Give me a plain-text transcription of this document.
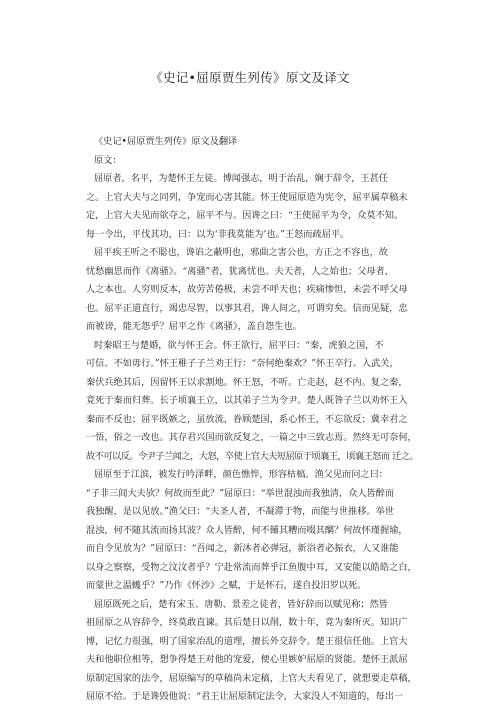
《史记•屈原贾生列传》原文及译文
《史记•屈原贾生列传》原文及翻译
原文：
屈原者，名平，为楚怀王左徒。博闻强志，明于治乱，娴于辞令，王甚任
之。上官大夫与之同列，争宠而心害其能。怀王使屈原造为宪令，屈平属草稿未
定，上官大夫见而欲夺之，屈平不与。因谗之曰：“王使屈平为令，众莫不知。
每一令出，平伐其功，曰：以为‘非我莫能为’也。”王怒而疏屈平。
屈平疾王听之不聪也，谗谄之蔽明也，邪曲之害公也，方正之不容也，故
忧愁幽思而作《离骚》。“离骚”者，犹离忧也。夫天者，人之始也；父母者，
人之本也。人穷则反本，故劳苦倦极，未尝不呼天也；疾痛惨怛，未尝不呼父母
也。屈平正道直行，竭忠尽智，以事其君，谗人间之，可谓穷矣。信而见疑，忠
而被谤，能无怨乎？屈平之作《离骚》，盖自怨生也。
时秦昭王与楚婚，欲与怀王会。怀王欲行，屈平曰：“秦，虎狼之国，不
可信。不如毋行。”怀王稚子子兰劝王行：“奈何绝秦欢？”怀王卒行。入武关，
秦伏兵绝其后，因留怀王以求割地。怀王怒，不听。亡走赵，赵不内。复之秦，
竟死于秦而归葬。长子顷襄王立，以其弟子兰为令尹。楚人既咎子兰以劝怀王入
秦而不反也；屈平既嫉之，虽放流，眷顾楚国，系心怀王，不忘欲反；冀幸君之
一悟，俗之一改也。其存君兴国而欲反复之，一篇之中三致志焉。然终无可奈何，
故不可以反。令尹子兰闻之，大怒，卒使上官大夫短屈原于顷襄王，顷襄王怒而 迁之。
屈原至于江滨，被发行吟泽畔，颜色憔悴，形容枯槁。渔父见而问之曰：
“子非三闾大夫欤？何故而至此？”屈原曰：“举世混浊而我独清，众人皆醉而
我独醒，是以见放。”渔父曰：“夫圣人者，不凝滞于物，而能与世推移。举世
混浊，何不随其流而扬其波？众人皆醉，何不餔其糟而啜其醨？何故怀瑾握瑜，
而自令见放为？”屈原曰：“吾闻之，新沐者必弹冠，新浴者必振衣，人又谁能
以身之察察，受物之汶汶者乎？宁赴常流而葬乎江鱼腹中耳，又安能以皓皓之白，
而蒙世之温蠖乎？”乃作《怀沙》之赋，于是怀石，遂自投汨罗以死。
屈原既死之后，楚有宋玉、唐勒、景差之徒者，皆好辞而以赋见称；然皆
祖屈原之从容辞令，终莫敢直谏。其后楚日以削，数十年，竟为秦所灭。知识广
博，记忆力很强，明了国家治乱的道理，擅长外交辞令。楚王很信任他。上官大
夫和他职位相等，想争得楚王对他的宠爱，便心里嫉妒屈原的贤能。楚怀王派屈
原制定国家的法令，屈原编写的草稿尚未定稿，上官大夫看见了，就想要走草稿，
屈原不给。于是谗毁他说：“君王让屈原制定法令，大家没人不知道的，每出一
